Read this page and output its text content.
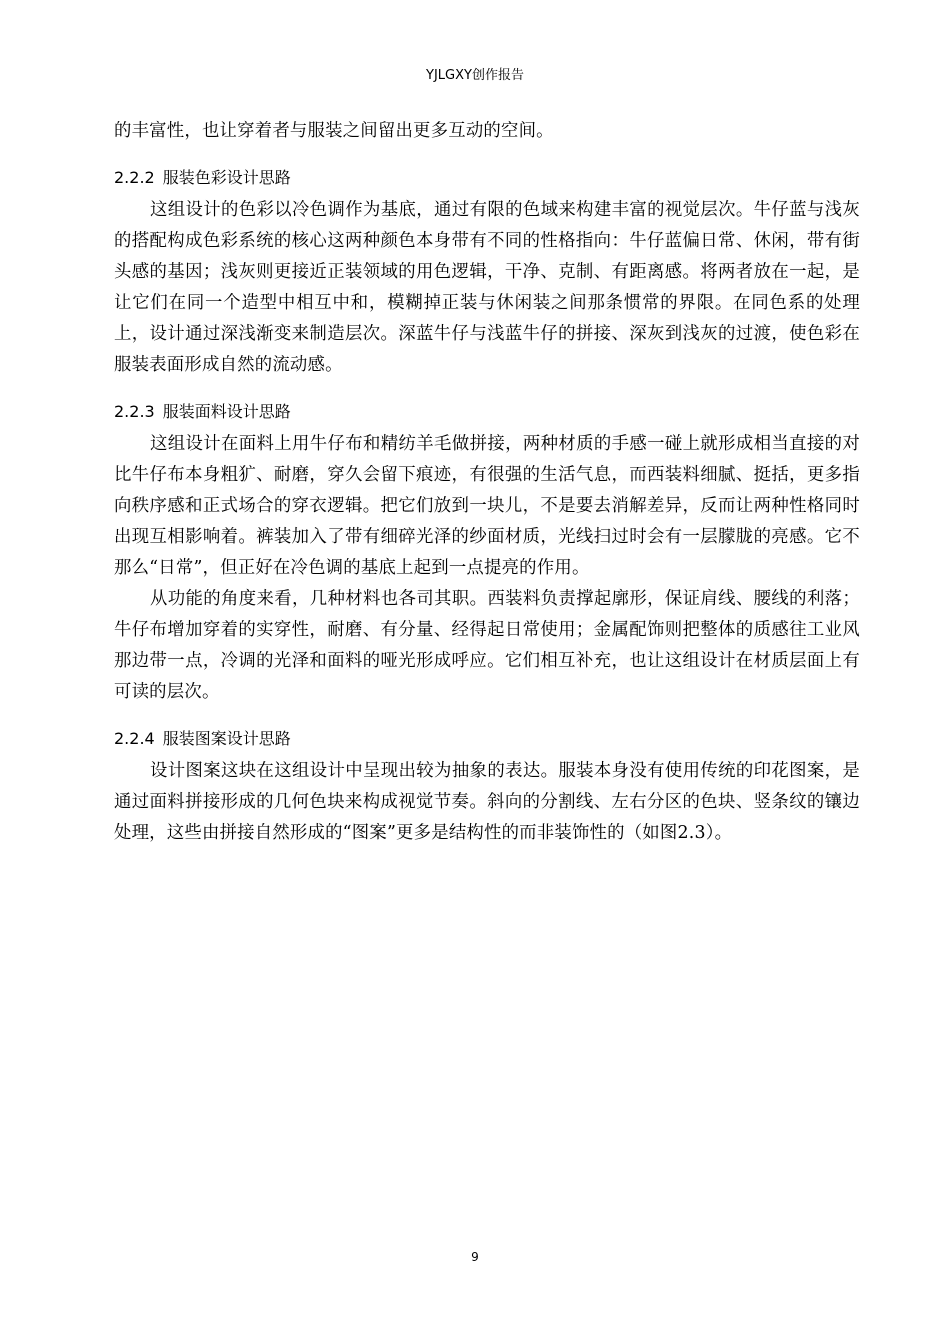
YJLGXY创作报告

的丰富性，也让穿着者与服装之间留出更多互动的空间。

2.2.2 服装色彩设计思路

这组设计的色彩以冷色调作为基底，通过有限的色域来构建丰富的视觉层次。牛仔蓝与浅灰的搭配构成色彩系统的核心这两种颜色本身带有不同的性格指向：牛仔蓝偏日常、休闲，带有街头感的基因；浅灰则更接近正装领域的用色逻辑，干净、克制、有距离感。将两者放在一起，是让它们在同一个造型中相互中和，模糊掉正装与休闲装之间那条惯常的界限。在同色系的处理上，设计通过深浅渐变来制造层次。深蓝牛仔与浅蓝牛仔的拼接、深灰到浅灰的过渡，使色彩在服装表面形成自然的流动感。

2.2.3 服装面料设计思路

这组设计在面料上用牛仔布和精纺羊毛做拼接，两种材质的手感一碰上就形成相当直接的对比牛仔布本身粗犷、耐磨，穿久会留下痕迹，有很强的生活气息，而西装料细腻、挺括，更多指向秩序感和正式场合的穿衣逻辑。把它们放到一块儿，不是要去消解差异，反而让两种性格同时出现互相影响着。裤装加入了带有细碎光泽的纱面材质，光线扫过时会有一层朦胧的亮感。它不那么“日常”，但正好在冷色调的基底上起到一点提亮的作用。

从功能的角度来看，几种材料也各司其职。西装料负责撑起廓形，保证肩线、腰线的利落；牛仔布增加穿着的实穿性，耐磨、有分量、经得起日常使用；金属配饰则把整体的质感往工业风那边带一点，冷调的光泽和面料的哑光形成呼应。它们相互补充，也让这组设计在材质层面上有可读的层次。

2.2.4 服装图案设计思路

设计图案这块在这组设计中呈现出较为抽象的表达。服装本身没有使用传统的印花图案，是通过面料拼接形成的几何色块来构成视觉节奏。斜向的分割线、左右分区的色块、竖条纹的镶边处理，这些由拼接自然形成的“图案”更多是结构性的而非装饰性的（如图2.3）。

9
